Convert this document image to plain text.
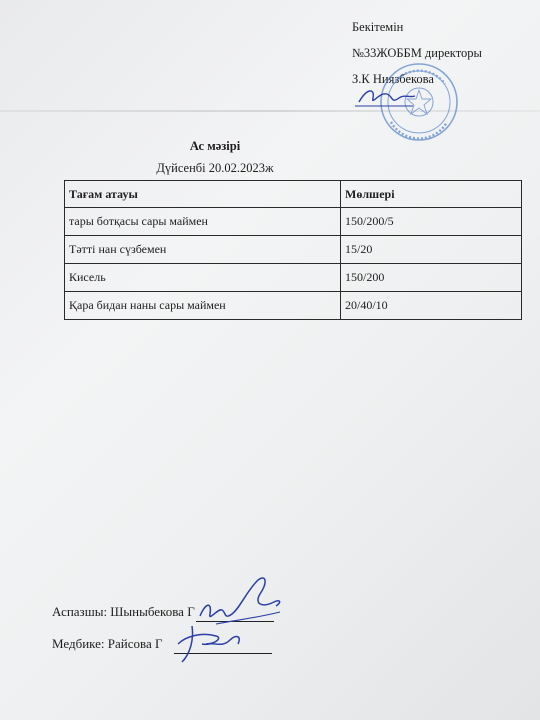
Бекітемін
№33ЖОББМ директоры
З.К Ниязбекова
Ас мәзірі
Дүйсенбі 20.02.2023ж
Тағам атауы	Мөлшері
тары ботқасы сары маймен	150/200/5
Тәтті нан сүзбемен	15/20
Кисель	150/200
Қара бидан наны сары маймен	20/40/10
Аспазшы: Шыныбекова Г
Медбике: Райсова Г
